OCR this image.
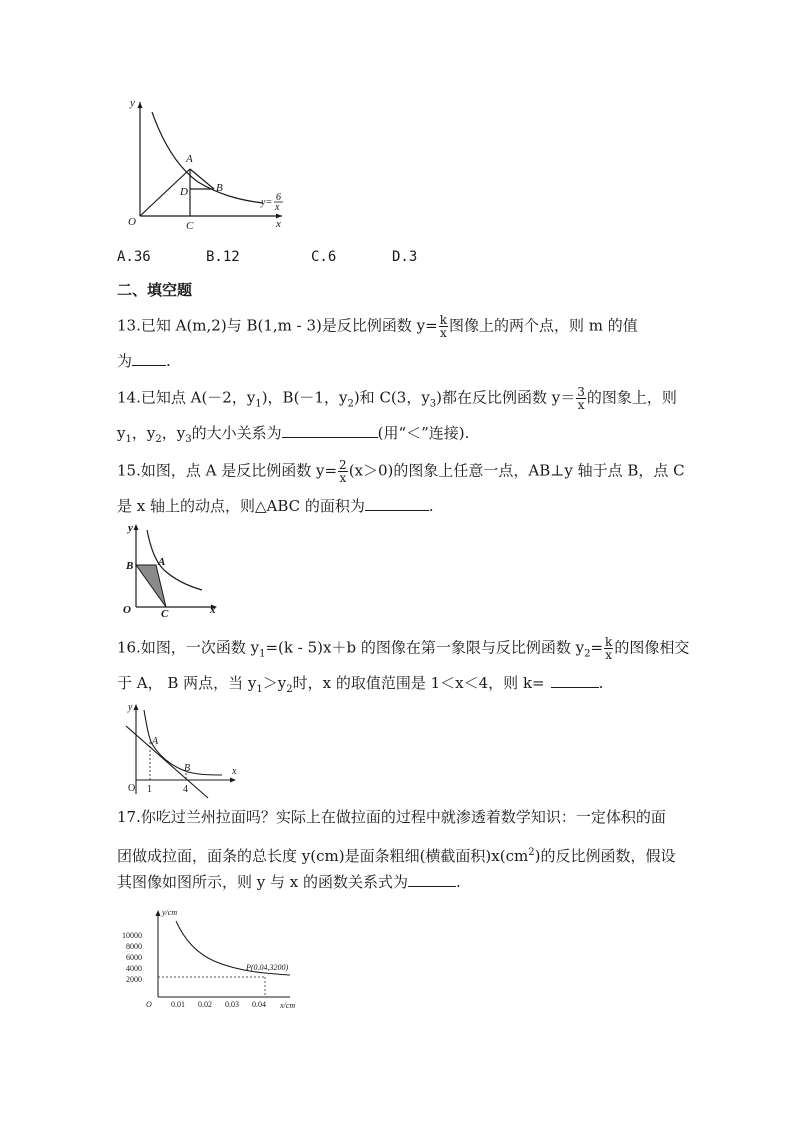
y
x
O
A
B
C
D
y= 6
x
A.36	B.12	C.6	D.3
二、填空题
13.已知 A(m,2)与 B(1,m - 3)是反比例函数 $y= \frac{k}{x}$ 图像上的两个点，则 m 的值
为 .
14.已知点 A(－2，$y_1$)，B(－1，$y_2$)和 C(3，$y_3$)都在反比例函数 $y= \frac{3}{x}$ 的图象上，则
$y_1$，$y_2$，$y_3$的大小关系为	(用“＜”连接).
15.如图，点 A 是反比例函数 $y= \frac{2}{x} (x>0)$的图象上任意一点，AB⊥y 轴于点 B，点 C
是 x 轴上的动点，则△ABC 的面积为	.
y
x
O
A
B
C
16.如图，一次函数 $y_1=(k - 5)x+b$ 的图像在第一象限与反比例函数 $y_2= \frac{k}{x}$ 的图像相交
于 A， B 两点，当 $y_1>y_2$时，x 的取值范围是 1＜x＜4，则 k=	.
y
x
O
A
B
1	4
17.你吃过兰州拉面吗？实际上在做拉面的过程中就渗透着数学知识：一定体积的面
团做成拉面，面条的总长度 y(cm)是面条粗细(横截面积)$x(cm^2)$的反比例函数，假设
其图像如图所示，则 y 与 x 的函数关系式为	.
y/cm
x/cm
O
10000
8000
6000
4000
2000
0.01 0.02 0.03 0.04
P(0.04,3200)
